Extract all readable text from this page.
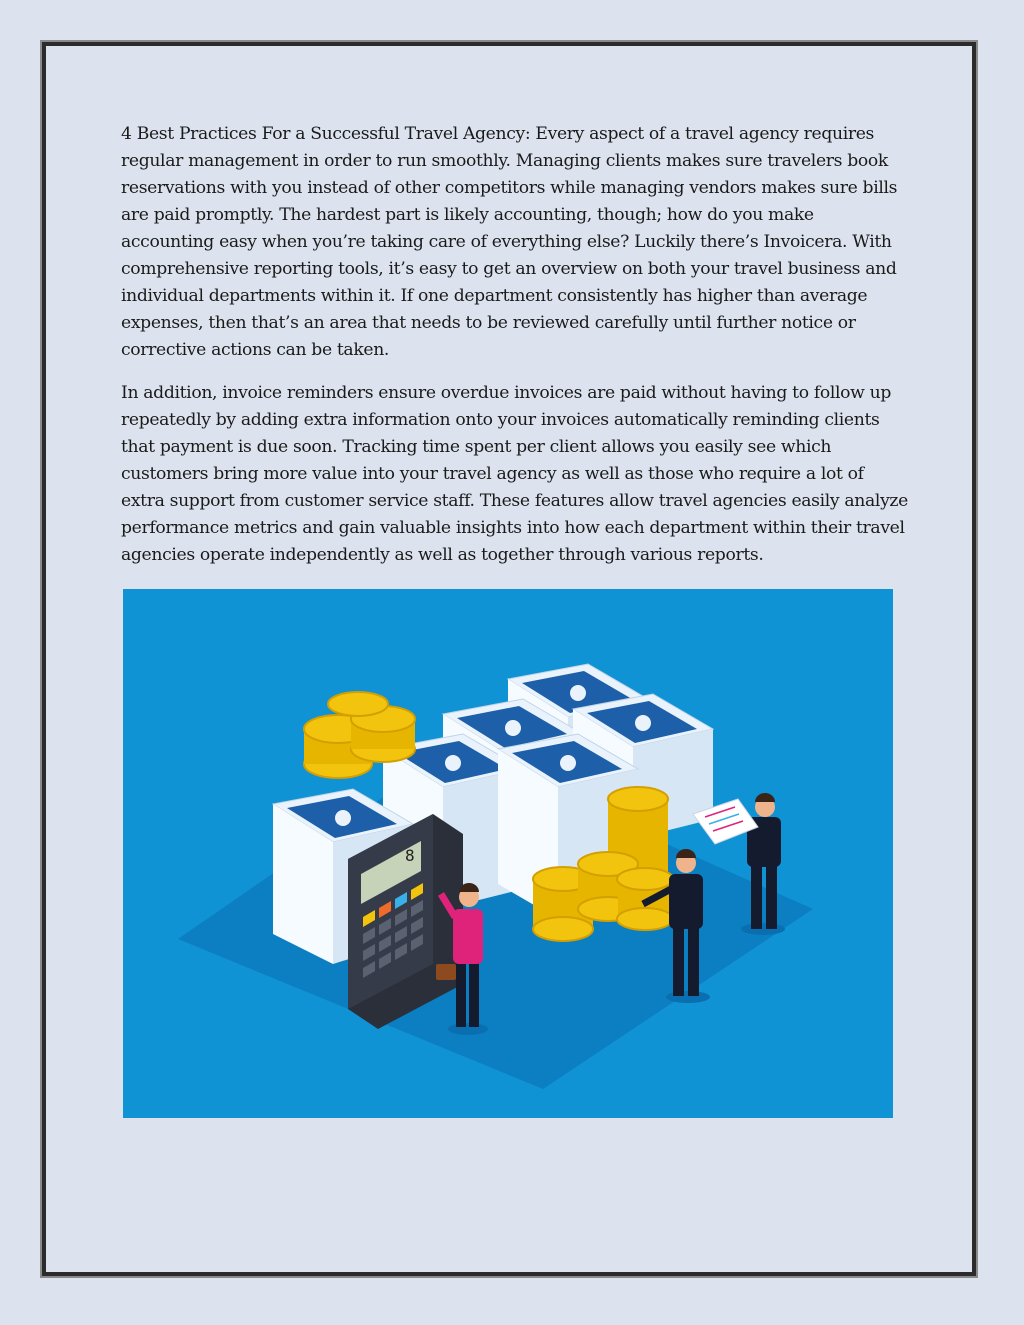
4 Best Practices For a Successful Travel Agency: Every aspect of a travel agency requires regular management in order to run smoothly. Managing clients makes sure travelers book reservations with you instead of other competitors while managing vendors makes sure bills are paid promptly. The hardest part is likely accounting, though; how do you make accounting easy when you’re taking care of everything else? Luckily there’s Invoicera. With comprehensive reporting tools, it’s easy to get an overview on both your travel business and individual departments within it. If one department consistently has higher than average expenses, then that’s an area that needs to be reviewed carefully until further notice or corrective actions can be taken.

In addition, invoice reminders ensure overdue invoices are paid without having to follow up repeatedly by adding extra information onto your invoices automatically reminding clients that payment is due soon. Tracking time spent per client allows you easily see which customers bring more value into your travel agency as well as those who require a lot of extra support from customer service staff. These features allow travel agencies easily analyze performance metrics and gain valuable insights into how each department within their travel agencies operate independently as well as together through various reports.

8
